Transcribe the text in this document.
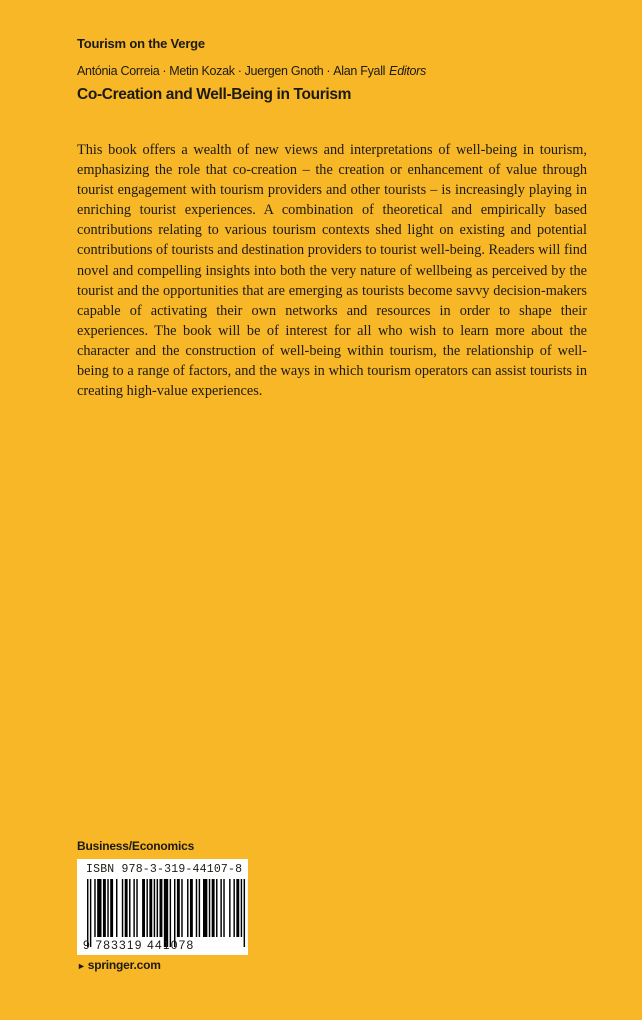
Tourism on the Verge
Antónia Correia · Metin Kozak · Juergen Gnoth · Alan Fyall Editors
Co-Creation and Well-Being in Tourism

This book offers a wealth of new views and interpretations of well-being in tourism, emphasizing the role that co-creation – the creation or enhancement of value through tourist engagement with tourism providers and other tourists – is increasingly playing in enriching tourist experiences. A combination of theoretical and empirically based contributions relating to various tourism contexts shed light on existing and potential contributions of tourists and destination providers to tourist well-being. Readers will find novel and compelling insights into both the very nature of wellbeing as perceived by the tourist and the opportunities that are emerging as tourists become savvy decision-makers capable of activating their own networks and resources in order to shape their experiences. The book will be of interest for all who wish to learn more about the character and the construction of well-being within tourism, the relationship of well-being to a range of factors, and the ways in which tourism operators can assist tourists in creating high-value experiences.

Business/Economics
ISBN 978-3-319-44107-8
9 783319 441078
► springer.com
